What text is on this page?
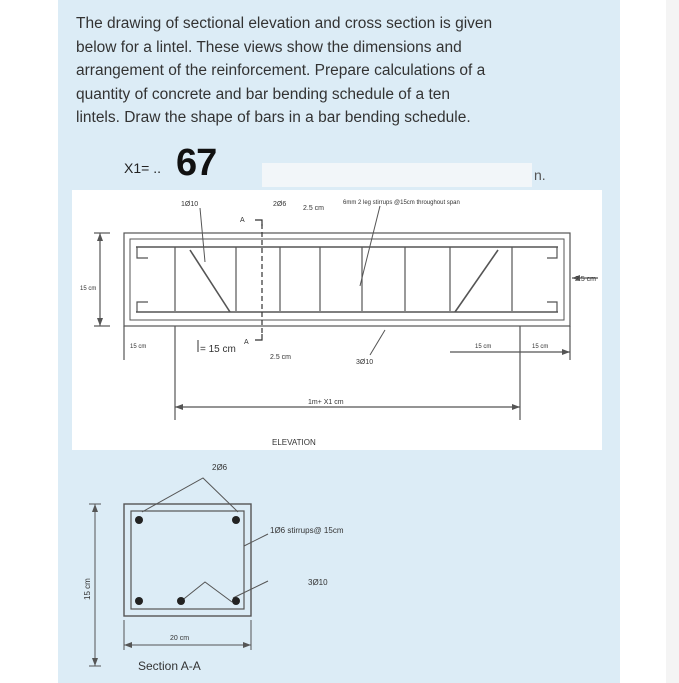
The drawing of sectional elevation and cross section is given
below for a lintel. These views show the dimensions and
arrangement of the reinforcement. Prepare calculations of a
quantity of concrete and bar bending schedule of a ten
lintels. Draw the shape of bars in a bar bending schedule.
X1= .. 67	n.
1Ø10	2Ø6
2.5 cm
6mm 2 leg stirrups @15cm throughout span
A
A
15 cm
2.5 cm
15 cm	= 15 cm
2.5 cm
3Ø10
15 cm	15 cm
1m+ X1 cm
ELEVATION
2Ø6
1Ø6 stirrups@ 15cm
3Ø10
15 cm
20 cm
Section A-A
